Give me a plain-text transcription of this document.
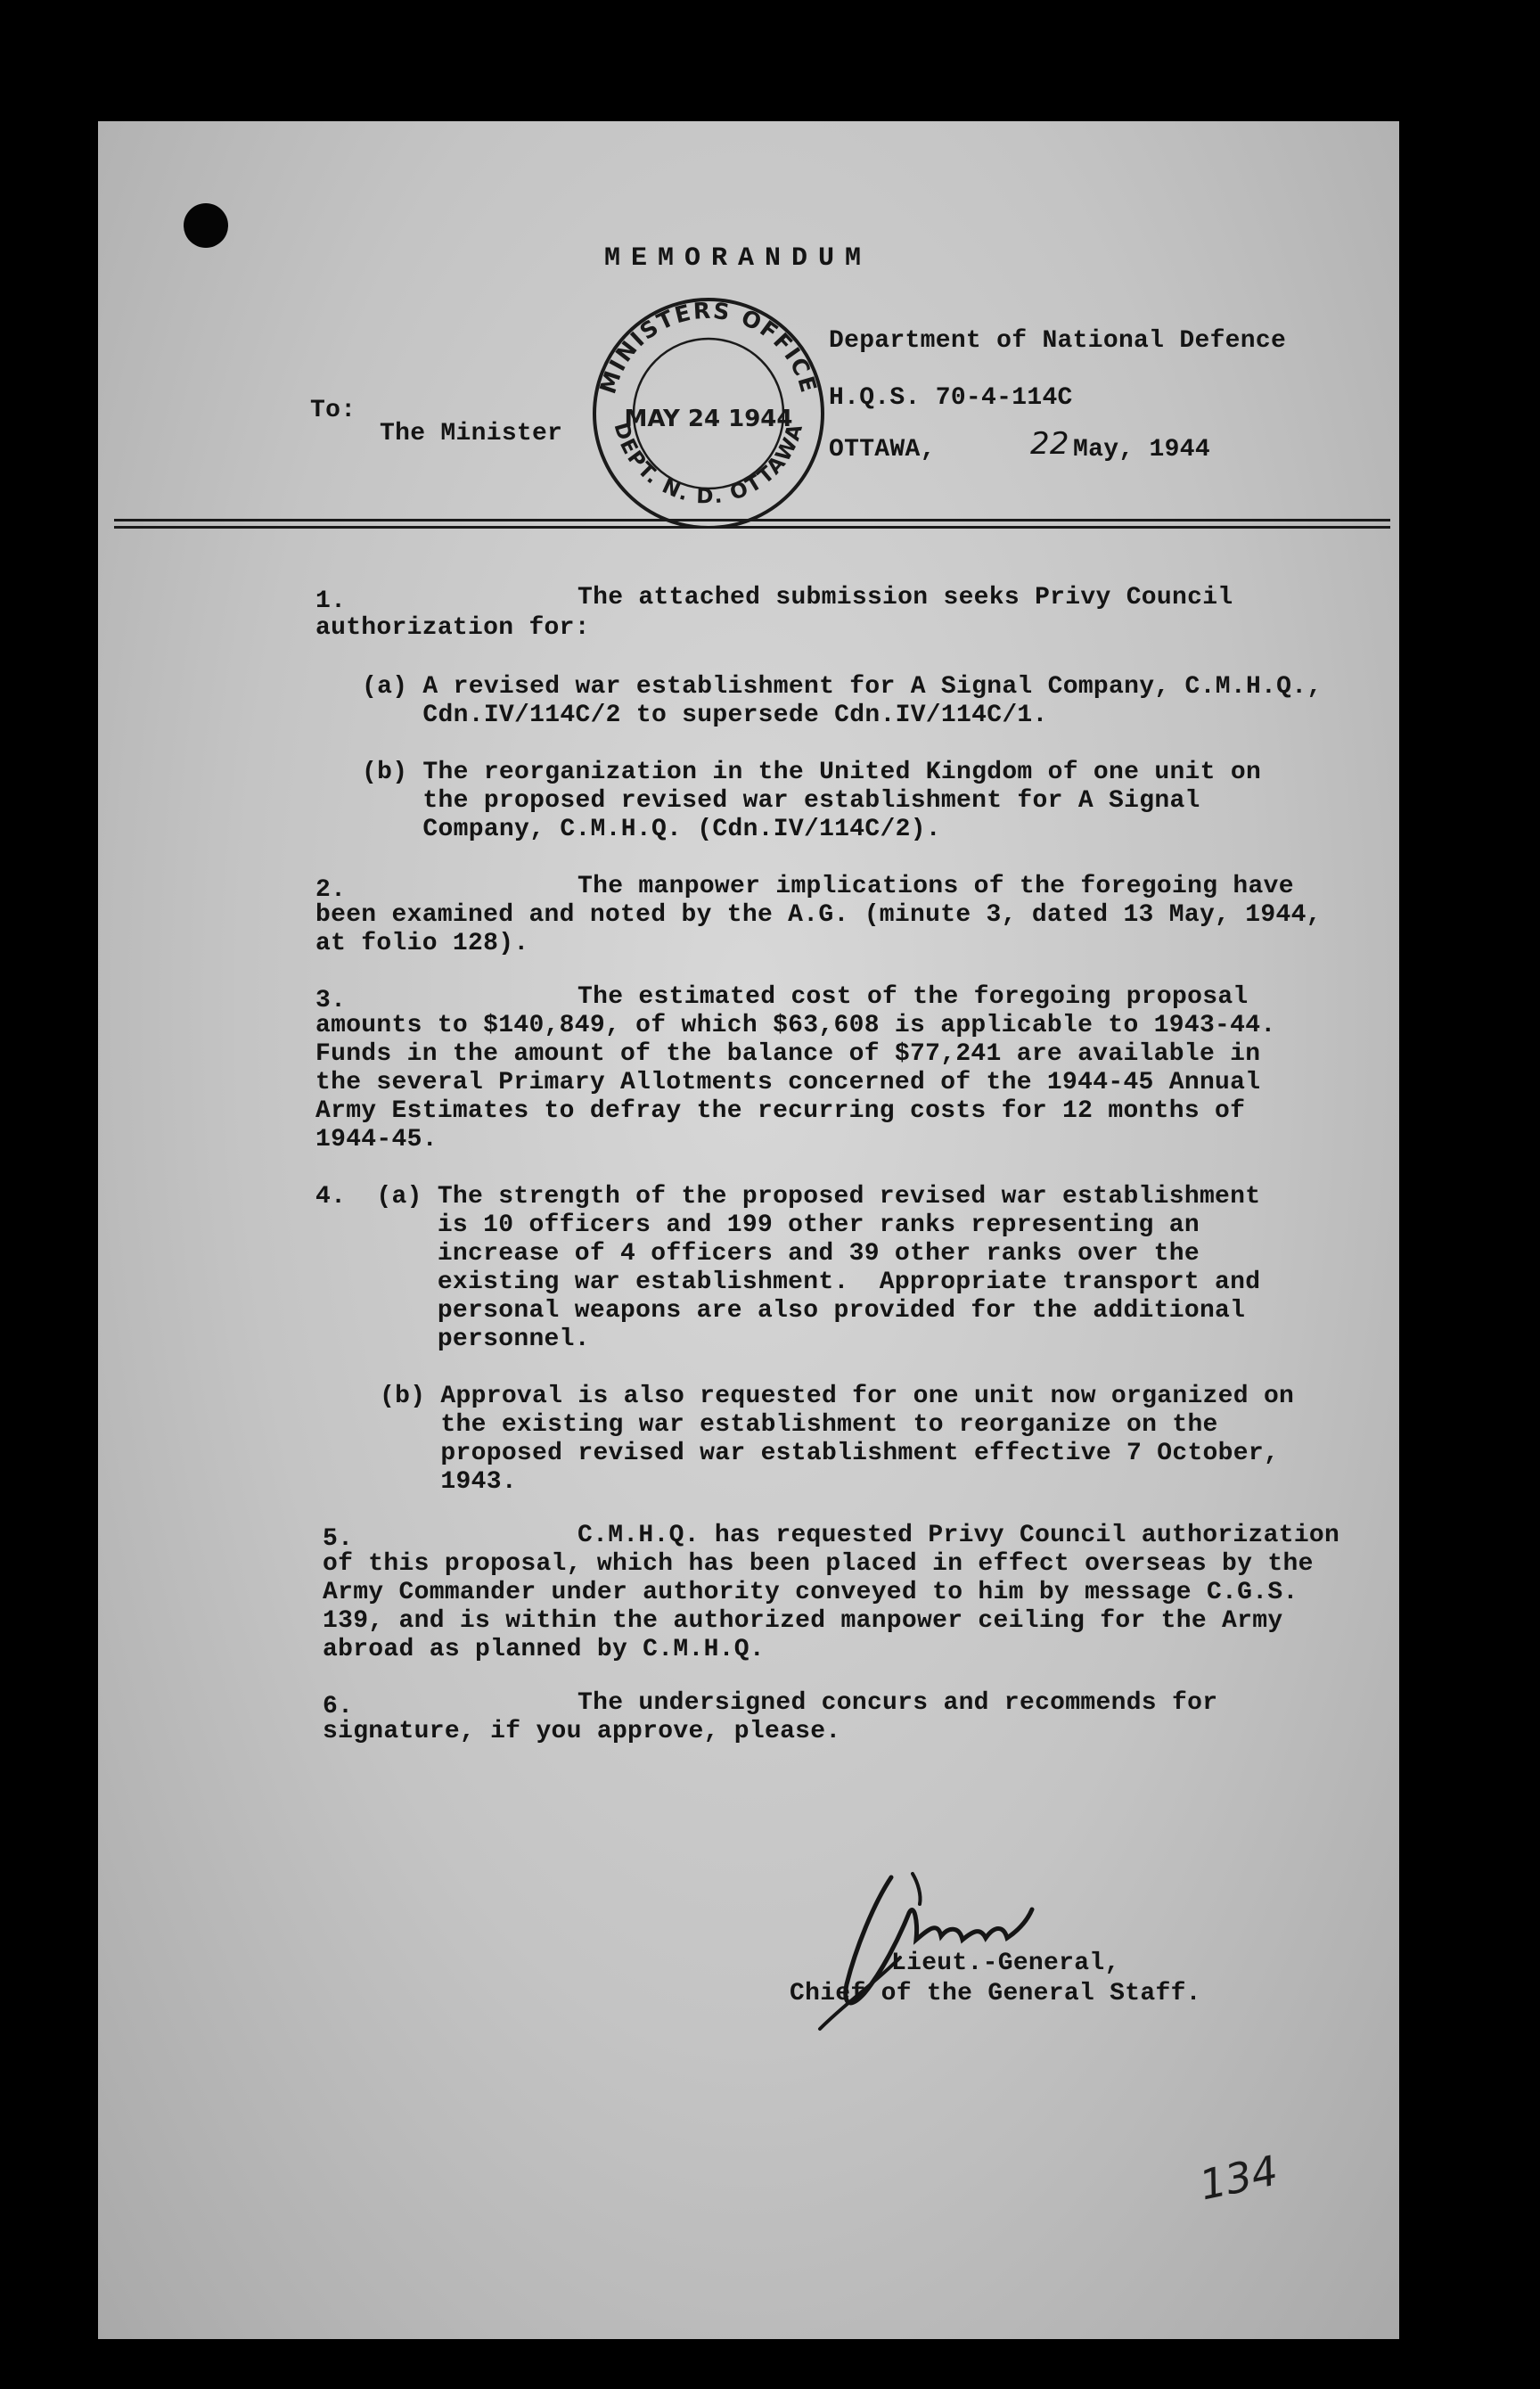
MEMORANDUM
MINISTERS OFFICE
DEPT. N. D. OTTAWA
MAY 24 1944
Department of National Defence
H.Q.S. 70-4-114C
OTTAWA,	22 May, 1944
To:
The Minister
1.	The attached submission seeks Privy Council
authorization for:
(a) A revised war establishment for A Signal Company, C.M.H.Q.,
Cdn.IV/114C/2 to supersede Cdn.IV/114C/1.
(b) The reorganization in the United Kingdom of one unit on
the proposed revised war establishment for A Signal
Company, C.M.H.Q. (Cdn.IV/114C/2).
2.	The manpower implications of the foregoing have
been examined and noted by the A.G. (minute 3, dated 13 May, 1944,
at folio 128).
3.	The estimated cost of the foregoing proposal
amounts to $140,849, of which $63,608 is applicable to 1943-44.
Funds in the amount of the balance of $77,241 are available in
the several Primary Allotments concerned of the 1944-45 Annual
Army Estimates to defray the recurring costs for 12 months of
1944-45.
4.  (a) The strength of the proposed revised war establishment
is 10 officers and 199 other ranks representing an
increase of 4 officers and 39 other ranks over the
existing war establishment.  Appropriate transport and
personal weapons are also provided for the additional
personnel.
(b) Approval is also requested for one unit now organized on
the existing war establishment to reorganize on the
proposed revised war establishment effective 7 October,
1943.
5.	C.M.H.Q. has requested Privy Council authorization
of this proposal, which has been placed in effect overseas by the
Army Commander under authority conveyed to him by message C.G.S.
139, and is within the authorized manpower ceiling for the Army
abroad as planned by C.M.H.Q.
6.	The undersigned concurs and recommends for
signature, if you approve, please.
Stuart
Lieut.-General,
Chief of the General Staff.
134
